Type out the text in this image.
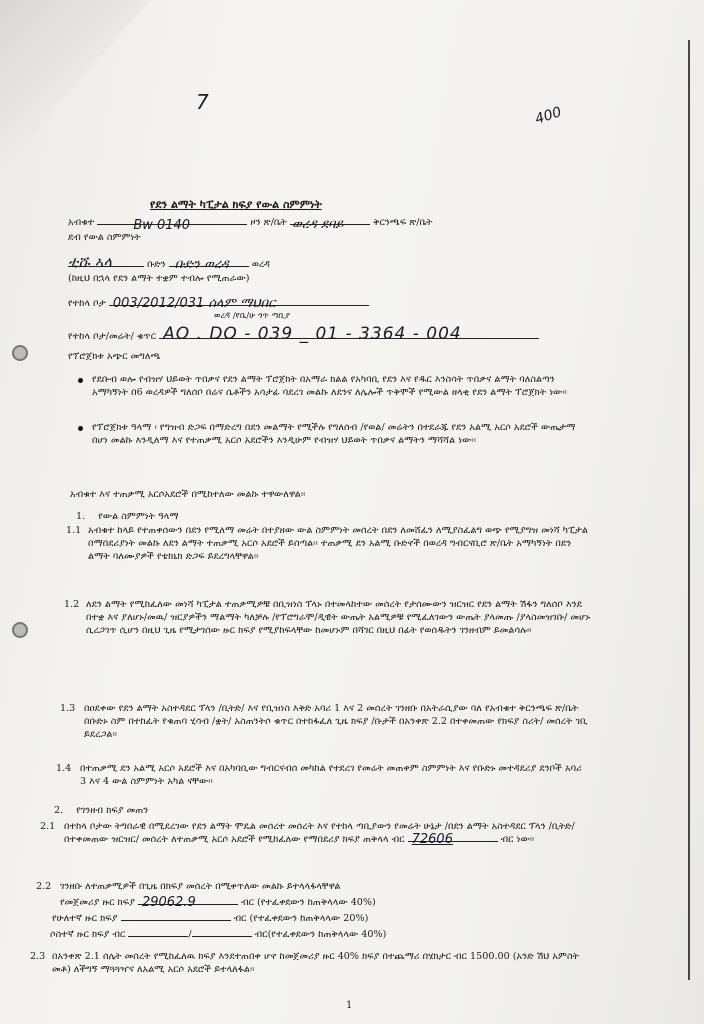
7
400
የደን ልማት ካፒታል ክፍያ የውል ስምምነት
አብቁተ	Bw 0140	ዞን ጽ/ቤት ወረዳ ደባይ	ቅርንጫፍ ጽ/ቤት
ደብ የውል ስምምነት
ቲሹ ኣላ	ቡድን ቡድን ወረዳ ወረዳ
(ከዚህ በኋላ የደን ልማት ተቋም ተብሎ የሚጠራው)
የተከላ ቦታ 003/2012/031 ሰላም ማህበር
ወረዳ /የቤ/ሁ ጎጥ ጣቢያ
የተከላ ቦታ/መሬት/ ቁጥር AO . DO - 039 _ 01 - 3364 - 004
የፕሮጀክቱ አጭር መግለጫ
የደቡብ ወሎ የብዝሃ ህይወት ጥበቃና የደን ልማት ፕሮጀክት በአማራ ክልል የአካባቢ የደን እና የዱር እንስሳት ጥበቃና ልማት ባለስልጣን አማካኝነት በ6 ወረዳዎች ግለሰቦ በሬና ሴቶችን አሳታፊ ባደረገ መልኩ ለደንና ለሌሎች ጥቅሞች የሚውል ዘላቂ የደን ልማት ፕሮጀክት ነው፡፡
የፕሮጀክቱ ዓላማ ፡ የግዝብ ድጋፍ በማድረግ በደን መልማት የሚችሉ የግለሰብ /የወል/ መሬትን በተደራጁ የደን አልሚ አርሶ አደሮች ውጤታማ በሆነ መልኩ እንዲለማ እና የተጠቃሚ አርሶ አደሮችን እንዲሁም የብዝሃ ህይወት ጥበቃና ልማትን ማሻሻል ነው፡፡
አብቁተ እና ተጠቃሚ አርሶአደሮች በሚከተለው መልኩ ተዋውለዋል፡፡
1. የውል ስምምነት ዓላማ
1.1 አብቁተ ከላይ የተጠቀሰውን በደን የሚለማ መሬት በተያዘው ውል ስምምነት መሰረት በደን ለመሸፈን ለሚያስፈልግ ወጭ የሚያግዝ መነሻ ካፒታል በማበደሪያነት መልኩ ለደን ልማት ተጠቃሚ አርሶ አደሮች ይሰጣል፡፡ ተጠቃሚ ደን አልሚ ቡድኖች በወረዳ ግብርናቢሮ ጽ/ቤት አማካኝነት በደን ልማት ባለሙያዎች የቴክኒክ ድጋፍ ይደረግላቸዋል፡፡
1.2 ለደን ልማት የሚከፈለው መነሻ ካፒታል ተጠቃሚዎቹ በቢዝነስ ፕላኑ በተመላከተው መሰረት የታሰሙውን ዝርዝር የደን ልማት ሽፋን ግለሰቦ እንደ በተቋ እና ያለሆኑ/መዉ/ ዝርያዎችን ማልማት ካለቻሉ /የፕሮግራሞ/ዲዊት ውጤት አልሚዎቹ የሚፈለገውን ውጤት ያላመጡ /ያላስመዝገቡ/ መሆኑ ሲረጋገጥ ሲሆን በዚህ ጊዜ የሚታገሰው ዙር ክፍያ የሚያከፍላቸው ከመሆኑም በሻገር በዚህ በፊት የወሰዱትን ገንዘብም ይመልሳሉ፡፡
1.3 በዐደቀው የደን ልማት አስተዳደር ፕላን /ቢትድ/ እና የቢዝነስ እቅድ አባሪ 1 እና 2 መሰረት ገንዘቡ በአትራሲያው ባለ የአብቁተ ቅርንጫፍ ጽ/ቤት በቡድኑ ስም በተከፈት የቁጠባ ሂሳብ /ቋት/ አስጠንትሶ ቁጥር በተከፋፈለ ጊዜ ክፍያ /ቡታች በአንቀጽ 2.2 በተቀመጠው የክፍያ ስሪት/ መሰረት ገቢ ይደረጋል፡፡
1.4 በተጠቃሚ ደን አልሚ አርሶ አደሮች እና በአካባቢው ግብርናብሰ መካከል የተደረገ የመሬት መጠቀም ስምምነት እና የቡድኑ መተዳደሪያ ደንቦች አባሪ 3 እና 4 ውል ስምምነት አካል ናቸው፡፡
2. የገንዘብ ክፍያ መጠን
2.1 በተከላ ቦታው ትግበራዊ በሚደረገው የደን ልማት ሞዴል መሰረተ መሰረት እና የተከላ ጣቢያውን የመሬት ሁኔታ /በደን ልማት አስተዳደር ፕላን /ቢትድ/ በተቀመጠው ዝርዝር/ መሰረት ለተጠቃሚ አርሶ አደሮች የሚከፈለው የማበደሪያ ክፍያ ጠቅላላ ብር 72606	ብር ነው፡፡
2.2 ገንዘቡ ለተጠቃሚዎች በጊዜ በክፍያ መሰረት በሚቀጥለው መልኩ ይተላላፋላቸዋል
የመጀመሪያ ዙር ክፍያ 29062.9	ብር (የተፈቀደውን ከጠቅላላው 40%)
የሁለተኛ ዙር ክፍያ	ብር (የተፈቀደውን ከጠቅላላው 20%)
ሶስተኛ ዙር ክፍያ ብር	/	ብር(የተፈቀደውን ከጠቅላላው 40%)
2.3 በአንቀጽ 2.1 ሰሌት መሰረት የሚከፈለዉ ክፍያ እንደተጠበቀ ሆኖ ከመጀመሪያ ዙር 40% ክፍያ በተጨማሪ በሄክታር ብር 1500.00 (አንድ ሽህ አምስት መቶ) ለችግኝ ማጓጓዣና ለአልሚ አርሶ አደሮች ይተላለፋል፡፡
1
